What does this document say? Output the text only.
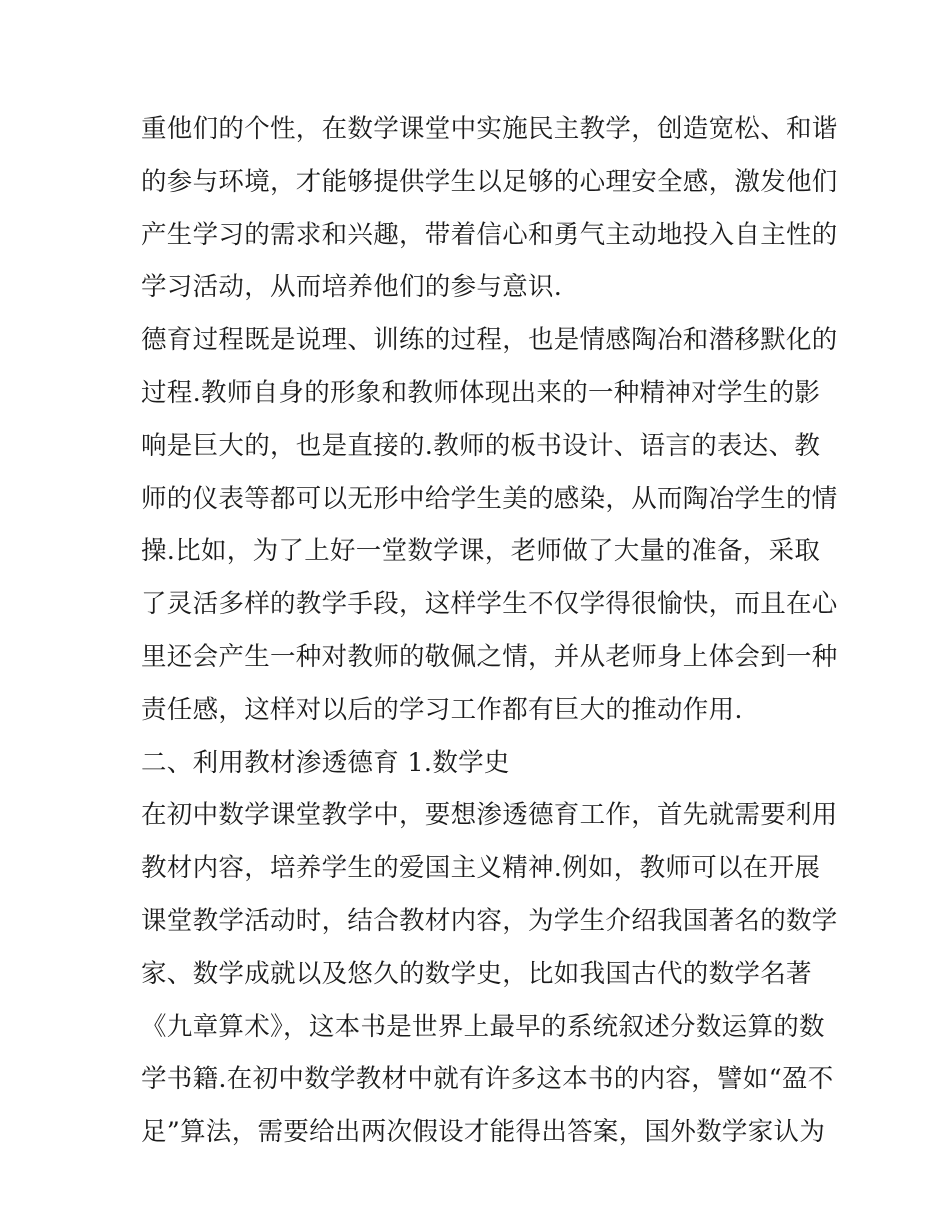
重他们的个性，在数学课堂中实施民主教学，创造宽松、和谐
的参与环境，才能够提供学生以足够的心理安全感，激发他们
产生学习的需求和兴趣，带着信心和勇气主动地投入自主性的
学习活动，从而培养他们的参与意识.
德育过程既是说理、训练的过程，也是情感陶冶和潜移默化的
过程.教师自身的形象和教师体现出来的一种精神对学生的影
响是巨大的，也是直接的.教师的板书设计、语言的表达、教
师的仪表等都可以无形中给学生美的感染，从而陶冶学生的情
操.比如，为了上好一堂数学课，老师做了大量的准备，采取
了灵活多样的教学手段，这样学生不仅学得很愉快，而且在心
里还会产生一种对教师的敬佩之情，并从老师身上体会到一种
责任感，这样对以后的学习工作都有巨大的推动作用.
二、利用教材渗透德育 1.数学史
在初中数学课堂教学中，要想渗透德育工作，首先就需要利用
教材内容，培养学生的爱国主义精神.例如，教师可以在开展
课堂教学活动时，结合教材内容，为学生介绍我国著名的数学
家、数学成就以及悠久的数学史，比如我国古代的数学名著
《九章算术》，这本书是世界上最早的系统叙述分数运算的数
学书籍.在初中数学教材中就有许多这本书的内容，譬如“盈不
足”算法，需要给出两次假设才能得出答案，国外数学家认为
